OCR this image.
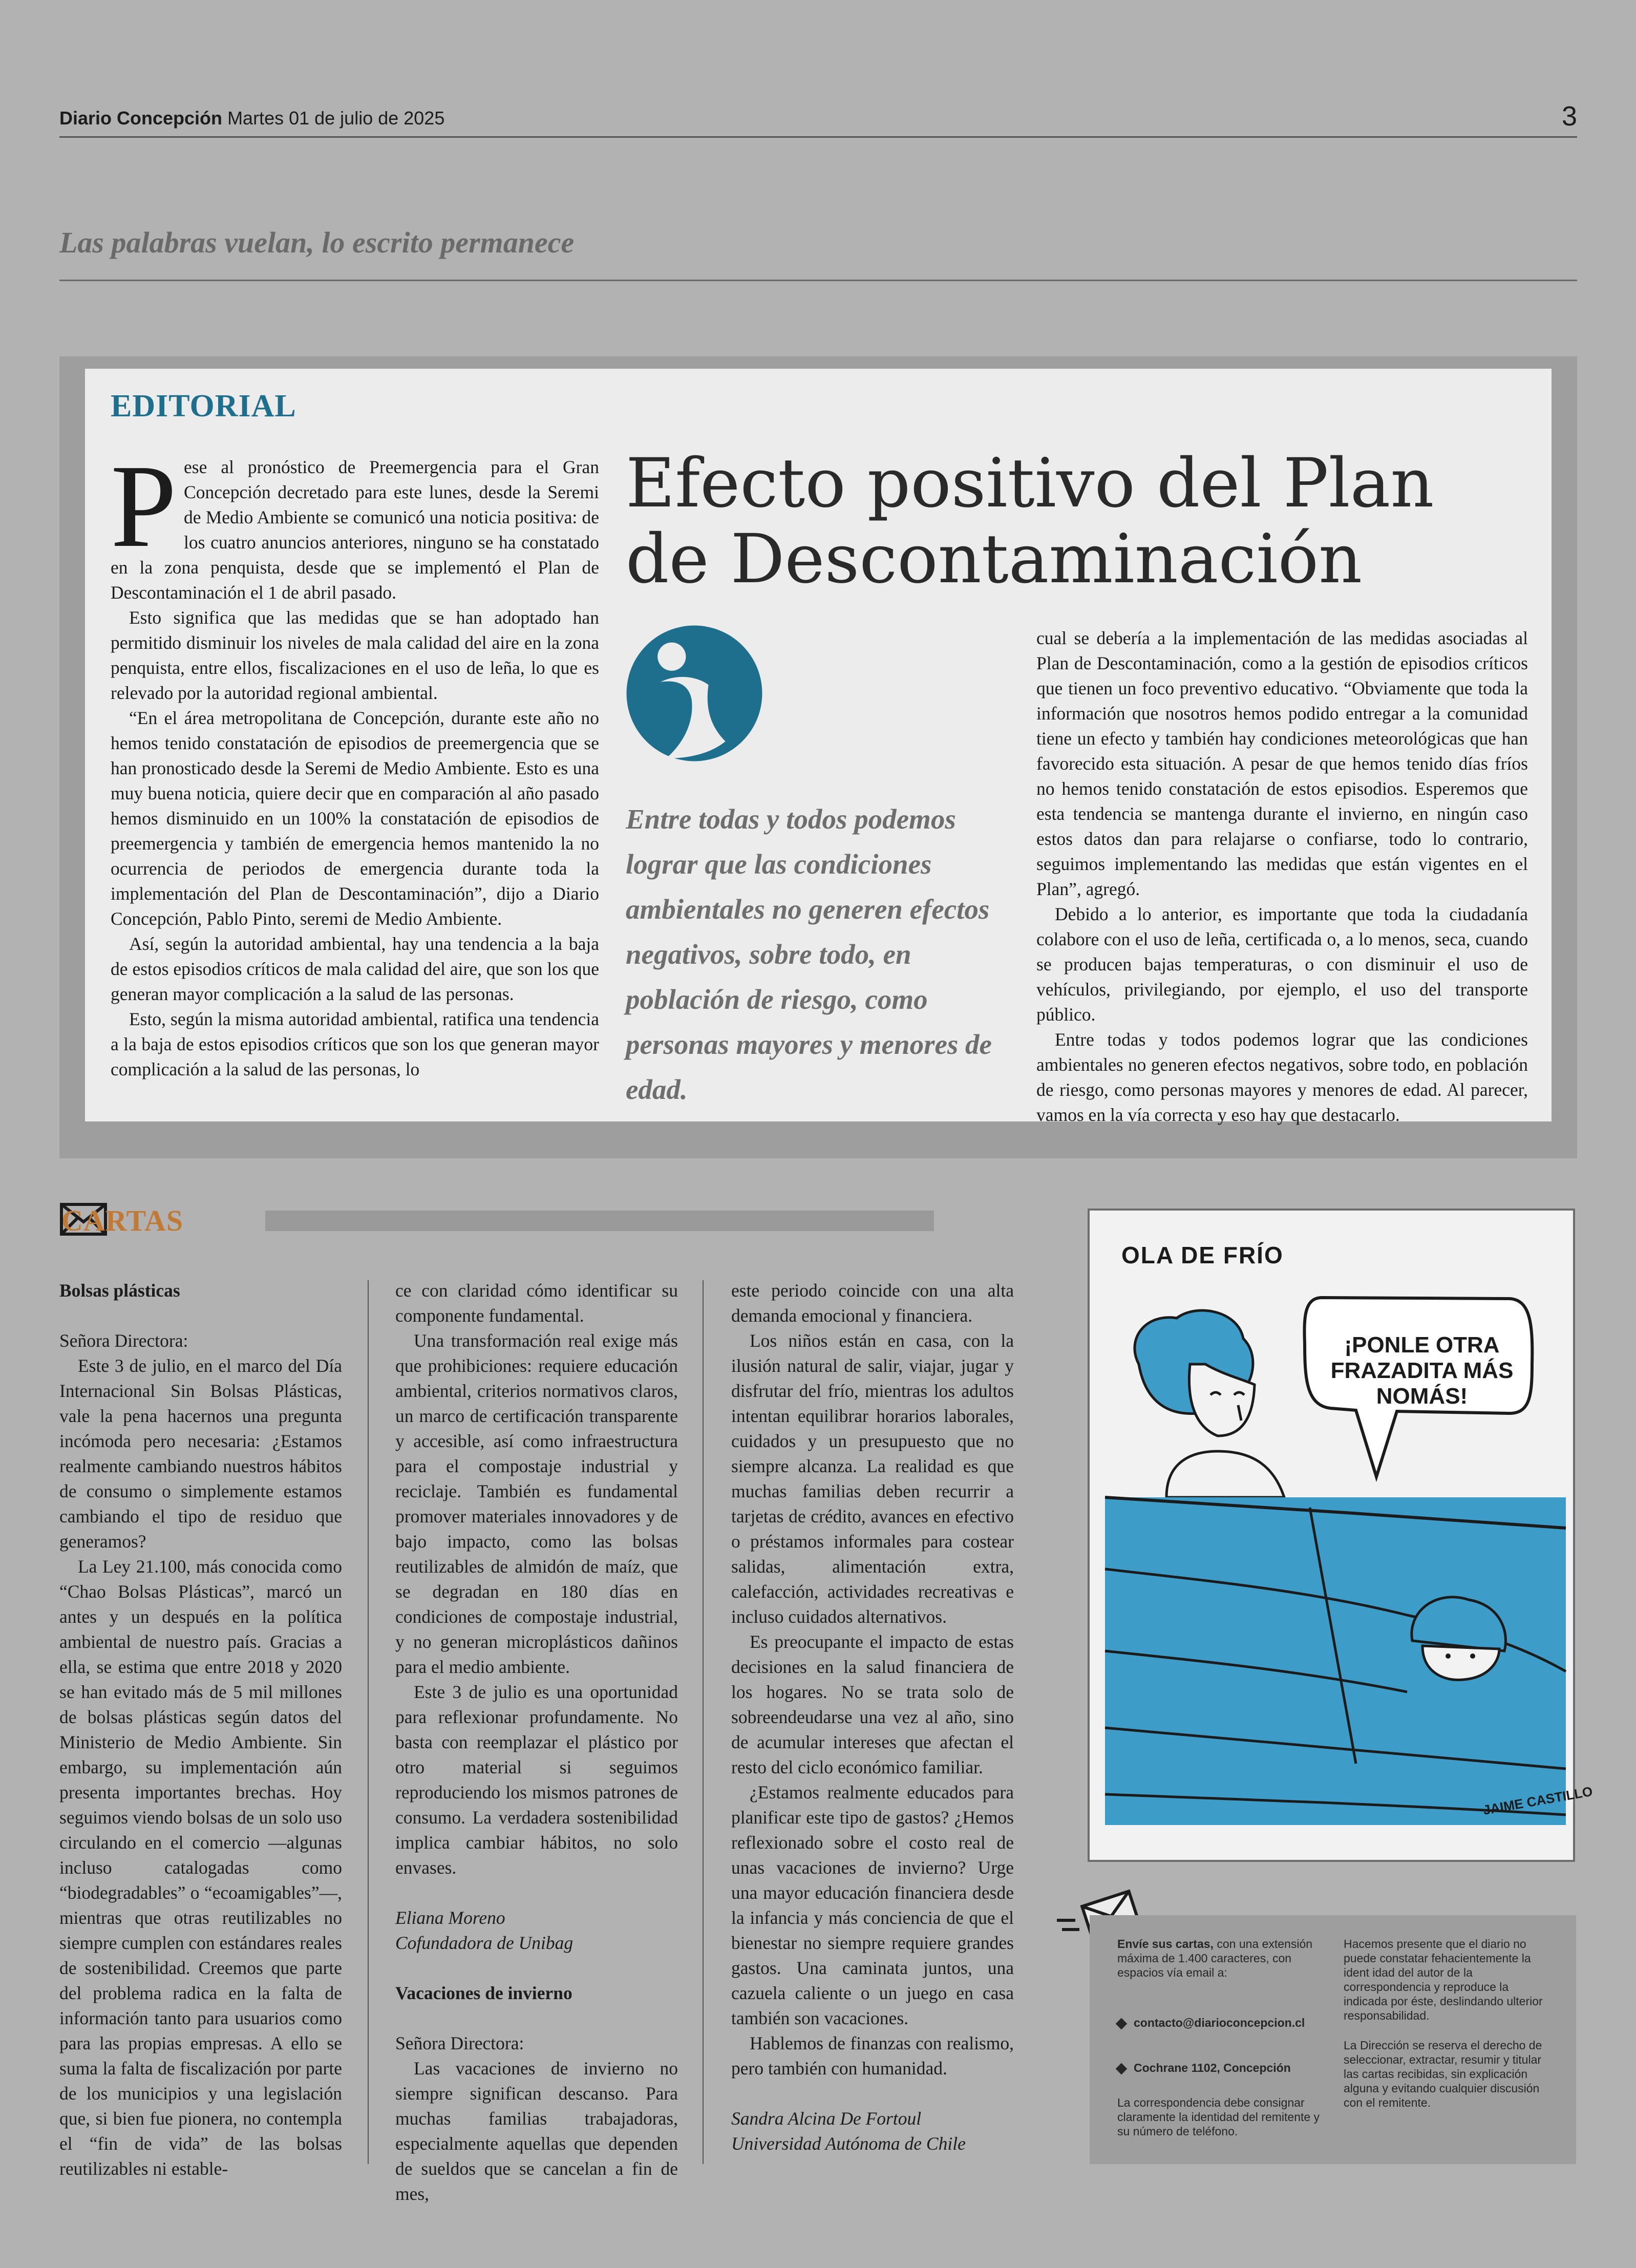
Diario Concepción Martes 01 de julio de 2025	3
Las palabras vuelan, lo escrito permanece
EDITORIAL

Pese al pronóstico de Preemergencia para el Gran Concepción decretado para este lunes, desde la Seremi de Medio Ambiente se comunicó una noticia positiva: de los cuatro anuncios anteriores, ninguno se ha constatado en la zona penquista, desde que se implementó el Plan de Descontaminación el 1 de abril pasado.

Esto significa que las medidas que se han adoptado han permitido disminuir los niveles de mala calidad del aire en la zona penquista, entre ellos, fiscalizaciones en el uso de leña, lo que es relevado por la autoridad regional ambiental.

“En el área metropolitana de Concepción, durante este año no hemos tenido constatación de episodios de preemergencia que se han pronosticado desde la Seremi de Medio Ambiente. Esto es una muy buena noticia, quiere decir que en comparación al año pasado hemos disminuido en un 100% la constatación de episodios de preemergencia y también de emergencia hemos mantenido la no ocurrencia de periodos de emergencia durante toda la implementación del Plan de Descontaminación”, dijo a Diario Concepción, Pablo Pinto, seremi de Medio Ambiente.

Así, según la autoridad ambiental, hay una tendencia a la baja de estos episodios críticos de mala calidad del aire, que son los que generan mayor complicación a la salud de las personas.

Esto, según la misma autoridad ambiental, ratifica una tendencia a la baja de estos episodios críticos que son los que generan mayor complicación a la salud de las personas, lo

Efecto positivo del Plan de Descontaminación
Entre todas y todos podemos lograr que las condiciones ambientales no generen efectos negativos, sobre todo, en población de riesgo, como personas mayores y menores de edad.

cual se debería a la implementación de las medidas asociadas al Plan de Descontaminación, como a la gestión de episodios críticos que tienen un foco preventivo educativo. “Obviamente que toda la información que nosotros hemos podido entregar a la comunidad tiene un efecto y también hay condiciones meteorológicas que han favorecido esta situación. A pesar de que hemos tenido días fríos no hemos tenido constatación de estos episodios. Esperemos que esta tendencia se mantenga durante el invierno, en ningún caso estos datos dan para relajarse o confiarse, todo lo contrario, seguimos implementando las medidas que están vigentes en el Plan”, agregó.

Debido a lo anterior, es importante que toda la ciudadanía colabore con el uso de leña, certificada o, a lo menos, seca, cuando se producen bajas temperaturas, o con disminuir el uso de vehículos, privilegiando, por ejemplo, el uso del transporte público.

Entre todas y todos podemos lograr que las condiciones ambientales no generen efectos negativos, sobre todo, en población de riesgo, como personas mayores y menores de edad. Al parecer, vamos en la vía correcta y eso hay que destacarlo.

CARTAS

Bolsas plásticas

Señora Directora:

Este 3 de julio, en el marco del Día Internacional Sin Bolsas Plásticas, vale la pena hacernos una pregunta incómoda pero necesaria: ¿Estamos realmente cambiando nuestros hábitos de consumo o simplemente estamos cambiando el tipo de residuo que generamos?

La Ley 21.100, más conocida como “Chao Bolsas Plásticas”, marcó un antes y un después en la política ambiental de nuestro país. Gracias a ella, se estima que entre 2018 y 2020 se han evitado más de 5 mil millones de bolsas plásticas según datos del Ministerio de Medio Ambiente. Sin embargo, su implementación aún presenta importantes brechas. Hoy seguimos viendo bolsas de un solo uso circulando en el comercio —algunas incluso catalogadas como “biodegradables” o “ecoamigables”—, mientras que otras reutilizables no siempre cumplen con estándares reales de sostenibilidad. Creemos que parte del problema radica en la falta de información tanto para usuarios como para las propias empresas. A ello se suma la falta de fiscalización por parte de los municipios y una legislación que, si bien fue pionera, no contempla el “fin de vida” de las bolsas reutilizables ni estable-

ce con claridad cómo identificar su componente fundamental.

Una transformación real exige más que prohibiciones: requiere educación ambiental, criterios normativos claros, un marco de certificación transparente y accesible, así como infraestructura para el compostaje industrial y reciclaje. También es fundamental promover materiales innovadores y de bajo impacto, como las bolsas reutilizables de almidón de maíz, que se degradan en 180 días en condiciones de compostaje industrial, y no generan microplásticos dañinos para el medio ambiente.

Este 3 de julio es una oportunidad para reflexionar profundamente. No basta con reemplazar el plástico por otro material si seguimos reproduciendo los mismos patrones de consumo. La verdadera sostenibilidad implica cambiar hábitos, no solo envases.

Eliana Moreno

Cofundadora de Unibag

Vacaciones de invierno

Señora Directora:

Las vacaciones de invierno no siempre significan descanso. Para muchas familias trabajadoras, especialmente aquellas que dependen de sueldos que se cancelan a fin de mes,

este periodo coincide con una alta demanda emocional y financiera.

Los niños están en casa, con la ilusión natural de salir, viajar, jugar y disfrutar del frío, mientras los adultos intentan equilibrar horarios laborales, cuidados y un presupuesto que no siempre alcanza. La realidad es que muchas familias deben recurrir a tarjetas de crédito, avances en efectivo o préstamos informales para costear salidas, alimentación extra, calefacción, actividades recreativas e incluso cuidados alternativos.

Es preocupante el impacto de estas decisiones en la salud financiera de los hogares. No se trata solo de sobreendeudarse una vez al año, sino de acumular intereses que afectan el resto del ciclo económico familiar.

¿Estamos realmente educados para planificar este tipo de gastos? ¿Hemos reflexionado sobre el costo real de unas vacaciones de invierno? Urge una mayor educación financiera desde la infancia y más conciencia de que el bienestar no siempre requiere grandes gastos. Una caminata juntos, una cazuela caliente o un juego en casa también son vacaciones.

Hablemos de finanzas con realismo, pero también con humanidad.

Sandra Alcina De Fortoul

Universidad Autónoma de Chile

JAIME CASTILLO
OLA DE FRÍO
¡PONLE OTRA FRAZADITA MÁS NOMÁS!

Envíe sus cartas, con una extensión máxima de 1.400 caracteres, con espacios vía email a:

contacto@diarioconcepcion.cl
Cochrane 1102, Concepción

La correspondencia debe consignar claramente la identidad del remitente y su número de teléfono.

Hacemos presente que el diario no puede constatar fehacientemente la ident idad del autor de la correspondencia y reproduce la indicada por éste, deslindando ulterior responsabilidad.

La Dirección se reserva el derecho de seleccionar, extractar, resumir y titular las cartas recibidas, sin explicación alguna y evitando cualquier discusión con el remitente.
